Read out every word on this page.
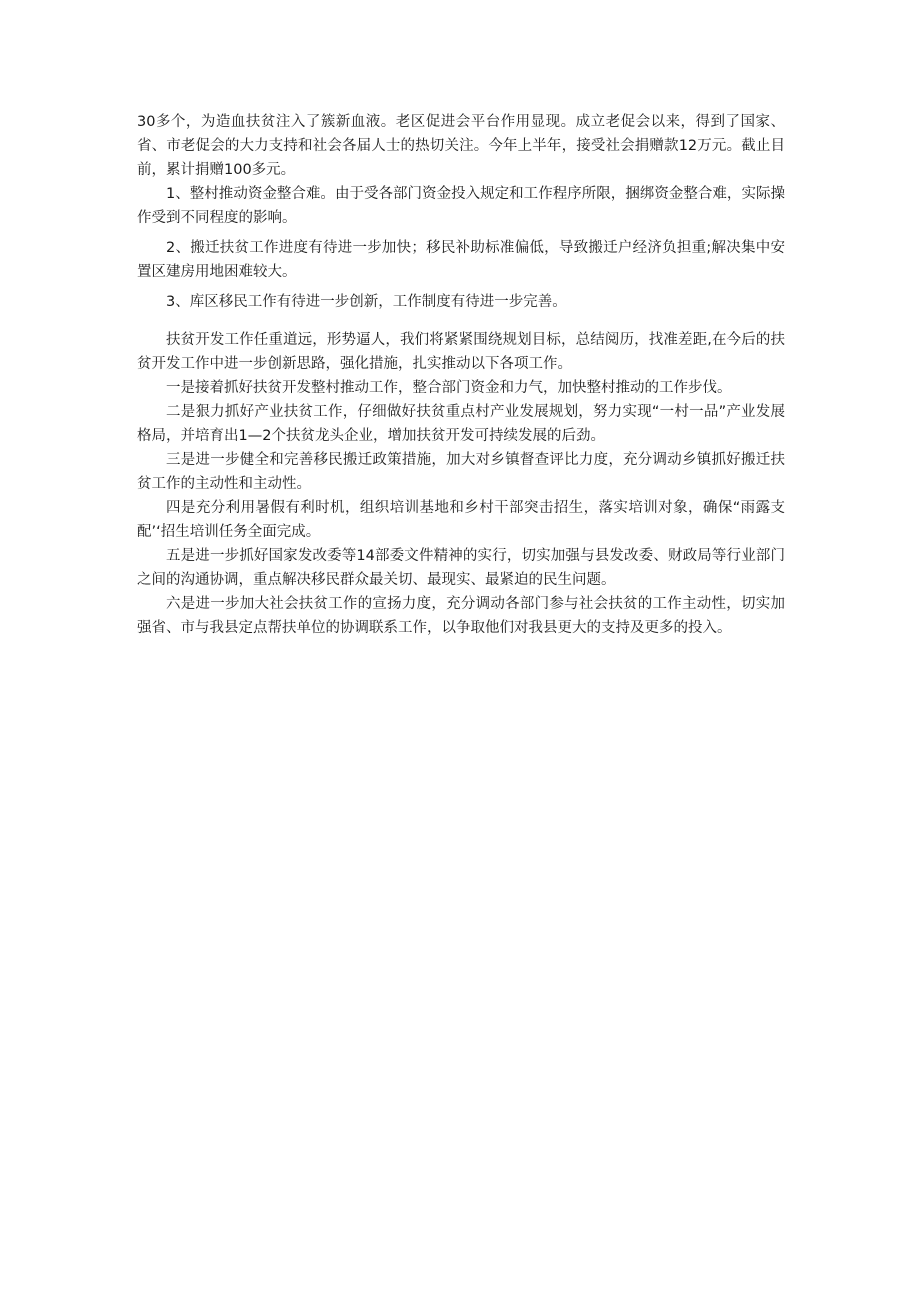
30多个，为造血扶贫注入了簇新血液。老区促进会平台作用显现。成立老促会以来，得到了国家、省、市老促会的大力支持和社会各届人士的热切关注。今年上半年，接受社会捐赠款12万元。截止目前，累计捐赠100多元。

1、整村推动资金整合难。由于受各部门资金投入规定和工作程序所限，捆绑资金整合难，实际操作受到不同程度的影响。

2、搬迁扶贫工作进度有待进一步加快；移民补助标准偏低，导致搬迁户经济负担重;解决集中安置区建房用地困难较大。

3、库区移民工作有待进一步创新，工作制度有待进一步完善。

扶贫开发工作任重道远，形势逼人，我们将紧紧围绕规划目标，总结阅历，找准差距,在今后的扶贫开发工作中进一步创新思路，强化措施，扎实推动以下各项工作。

一是接着抓好扶贫开发整村推动工作，整合部门资金和力气，加快整村推动的工作步伐。

二是狠力抓好产业扶贫工作，仔细做好扶贫重点村产业发展规划，努力实现“一村一品”产业发展格局，并培育出1—2个扶贫龙头企业，增加扶贫开发可持续发展的后劲。

三是进一步健全和完善移民搬迁政策措施，加大对乡镇督查评比力度，充分调动乡镇抓好搬迁扶贫工作的主动性和主动性。

四是充分利用暑假有利时机，组织培训基地和乡村干部突击招生，落实培训对象，确保“雨露支配’‘招生培训任务全面完成。

五是进一步抓好国家发改委等14部委文件精神的实行，切实加强与县发改委、财政局等行业部门之间的沟通协调，重点解决移民群众最关切、最现实、最紧迫的民生问题。

六是进一步加大社会扶贫工作的宣扬力度，充分调动各部门参与社会扶贫的工作主动性，切实加强省、市与我县定点帮扶单位的协调联系工作，以争取他们对我县更大的支持及更多的投入。
